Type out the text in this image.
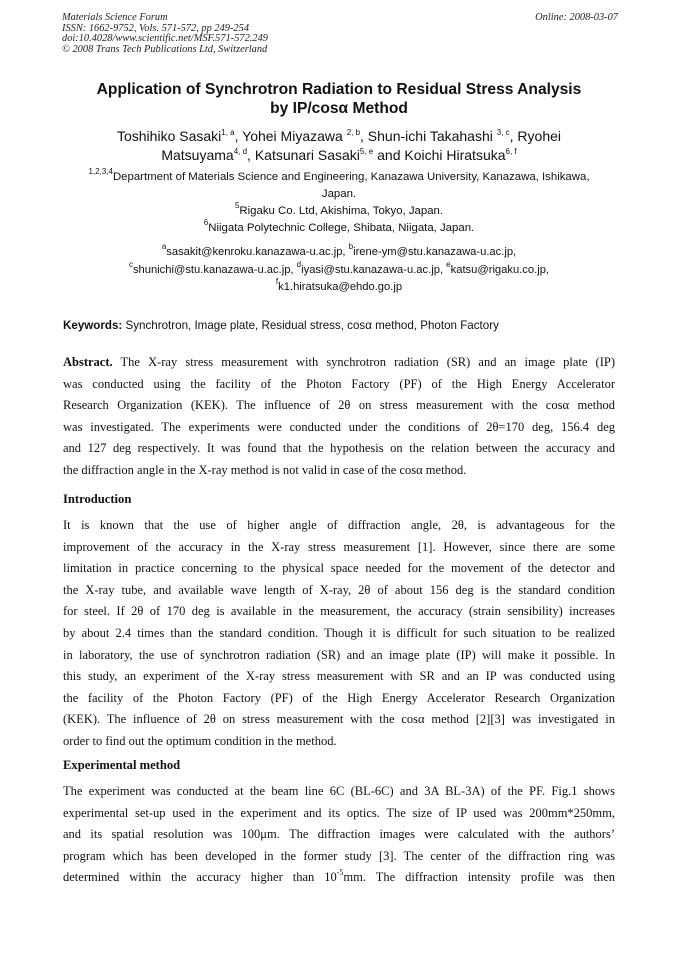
Materials Science Forum
ISSN: 1662-9752, Vols. 571-572, pp 249-254
doi:10.4028/www.scientific.net/MSF.571-572.249
© 2008 Trans Tech Publications Ltd, Switzerland
Online: 2008-03-07
Application of Synchrotron Radiation to Residual Stress Analysis
by IP/cosα Method
Toshihiko Sasaki$^{1, a}$, Yohei Miyazawa $^{2, b}$, Shun-ichi Takahashi $^{3, c}$, Ryohei
Matsuyama$^{4, d}$, Katsunari Sasaki$^{5, e}$ and Koichi Hiratsuka$^{6, f}$
$^{1,2,3,4}$Department of Materials Science and Engineering, Kanazawa University, Kanazawa, Ishikawa,
Japan.
$^5$Rigaku Co. Ltd, Akishima, Tokyo, Japan.
$^6$Niigata Polytechnic College, Shibata, Niigata, Japan.
$^a$sasakit@kenroku.kanazawa-u.ac.jp, $^b$irene-ym@stu.kanazawa-u.ac.jp,
$^c$shunichi@stu.kanazawa-u.ac.jp, $^d$iyasi@stu.kanazawa-u.ac.jp, $^e$katsu@rigaku.co.jp,
$^f$k1.hiratsuka@ehdo.go.jp
Keywords: Synchrotron, Image plate, Residual stress, cosα method, Photon Factory
Abstract. The X-ray stress measurement with synchrotron radiation (SR) and an image plate (IP)
was conducted using the facility of the Photon Factory (PF) of the High Energy Accelerator
Research Organization (KEK). The influence of 2θ on stress measurement with the cosα method
was investigated. The experiments were conducted under the conditions of 2θ=170 deg, 156.4 deg
and 127 deg respectively. It was found that the hypothesis on the relation between the accuracy and
the diffraction angle in the X-ray method is not valid in case of the cosα method.
Introduction
It is known that the use of higher angle of diffraction angle, 2θ, is advantageous for the
improvement of the accuracy in the X-ray stress measurement [1]. However, since there are some
limitation in practice concerning to the physical space needed for the movement of the detector and
the X-ray tube, and available wave length of X-ray, 2θ of about 156 deg is the standard condition
for steel. If 2θ of 170 deg is available in the measurement, the accuracy (strain sensibility) increases
by about 2.4 times than the standard condition. Though it is difficult for such situation to be realized
in laboratory, the use of synchrotron radiation (SR) and an image plate (IP) will make it possible. In
this study, an experiment of the X-ray stress measurement with SR and an IP was conducted using
the facility of the Photon Factory (PF) of the High Energy Accelerator Research Organization
(KEK). The influence of 2θ on stress measurement with the cosα method [2][3] was investigated in
order to find out the optimum condition in the method.
Experimental method
The experiment was conducted at the beam line 6C (BL-6C) and 3A BL-3A) of the PF. Fig.1 shows
experimental set-up used in the experiment and its optics. The size of IP used was 200mm*250mm,
and its spatial resolution was 100μm. The diffraction images were calculated with the authors’
program which has been developed in the former study [3]. The center of the diffraction ring was
determined within the accuracy higher than $10^{-5}mm$. The diffraction intensity profile was then
